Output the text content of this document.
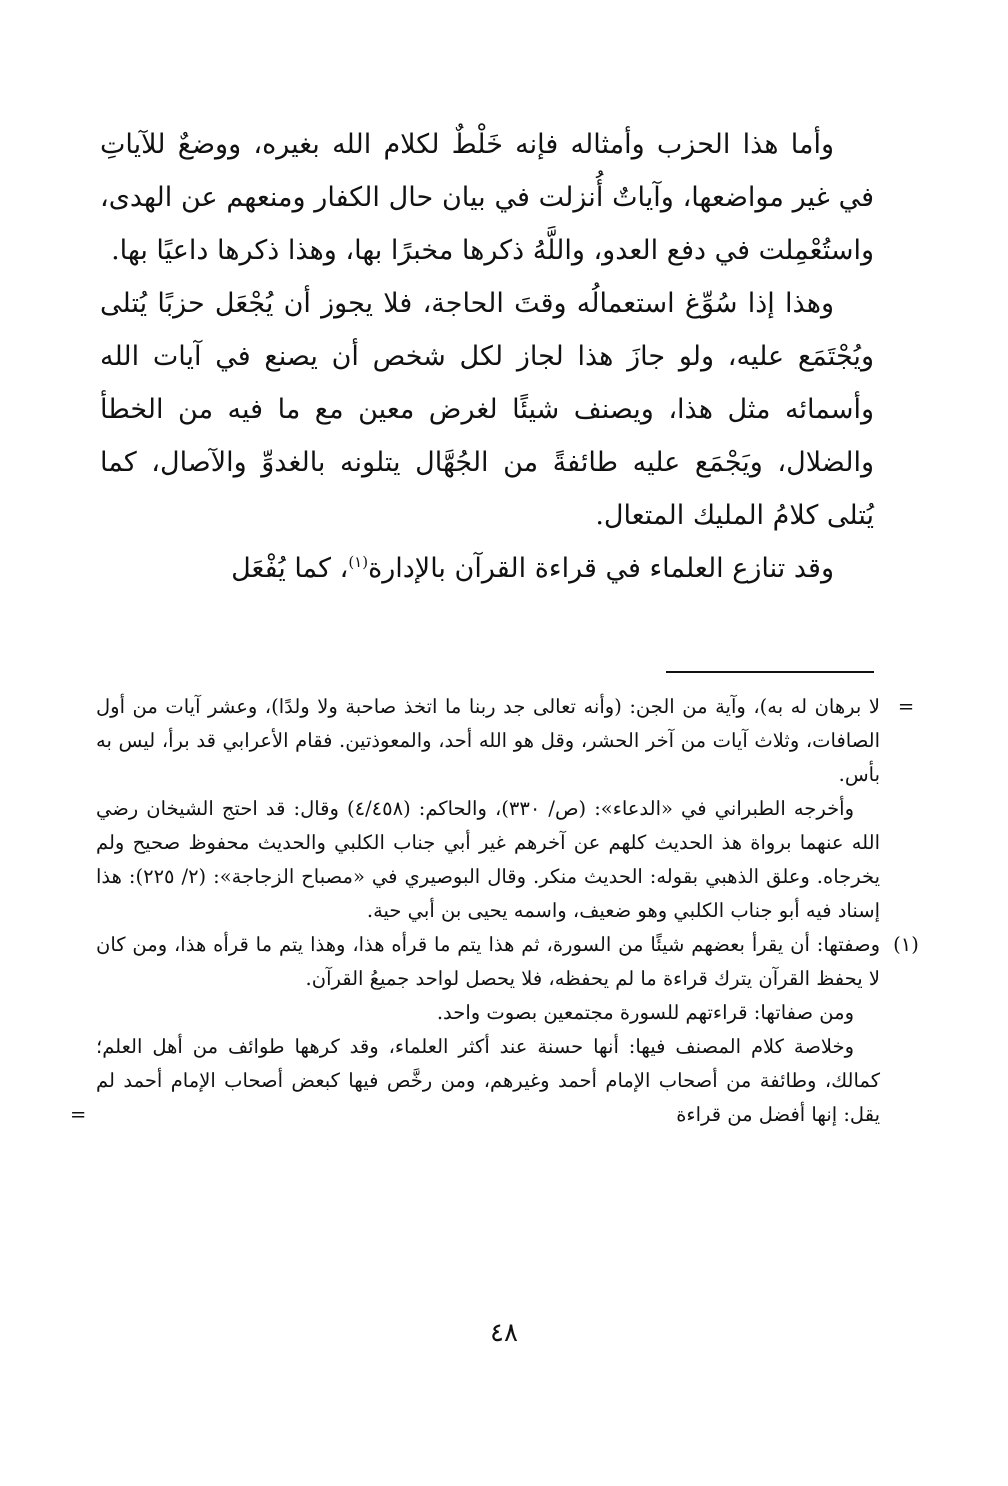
وأما هذا الحزب وأمثاله فإنه خَلْطٌ لكلام الله بغيره، ووضعٌ للآياتِ في غير مواضعها، وآياتٌ أُنزلت في بيان حال الكفار ومنعهم عن الهدى، واستُعْمِلت في دفع العدو، واللَّهُ ذكرها مخبرًا بها، وهذا ذكرها داعيًا بها.

وهذا إذا سُوِّغ استعمالُه وقتَ الحاجة، فلا يجوز أن يُجْعَل حزبًا يُتلى ويُجْتَمَع عليه، ولو جازَ هذا لجاز لكل شخص أن يصنع في آيات الله وأسمائه مثل هذا، ويصنف شيئًا لغرض معين مع ما فيه من الخطأ والضلال، ويَجْمَع عليه طائفةً من الجُهَّال يتلونه بالغدوِّ والآصال، كما يُتلى كلامُ المليك المتعال.

وقد تنازع العلماء في قراءة القرآن بالإدارة$^{(١)}$، كما يُفْعَل

=

لا برهان له به)، وآية من الجن: (وأنه تعالى جد ربنا ما اتخذ صاحبة ولا ولدًا)، وعشر آيات من أول الصافات، وثلاث آيات من آخر الحشر، وقل هو الله أحد، والمعوذتين. فقام الأعرابي قد برأ، ليس به بأس.

وأخرجه الطبراني في «الدعاء»: (ص/ ٣٣٠)، والحاكم: (٤/٤٥٨) وقال: قد احتج الشيخان رضي الله عنهما برواة هذ الحديث كلهم عن آخرهم غير أبي جناب الكلبي والحديث محفوظ صحيح ولم يخرجاه. وعلق الذهبي بقوله: الحديث منكر. وقال البوصيري في «مصباح الزجاجة»: (٢/ ٢٢٥): هذا إسناد فيه أبو جناب الكلبي وهو ضعيف، واسمه يحيى بن أبي حية.

(١)

وصفتها: أن يقرأ بعضهم شيئًا من السورة، ثم هذا يتم ما قرأه هذا، وهذا يتم ما قرأه هذا، ومن كان لا يحفظ القرآن يترك قراءة ما لم يحفظه، فلا يحصل لواحد جميعُ القرآن.

ومن صفاتها: قراءتهم للسورة مجتمعين بصوت واحد.

وخلاصة كلام المصنف فيها: أنها حسنة عند أكثر العلماء، وقد كرهها طوائف من أهل العلم؛ كمالك، وطائفة من أصحاب الإمام أحمد وغيرهم، ومن رخَّص فيها كبعض أصحاب الإمام أحمد لم يقل: إنها أفضل من قراءة

=
٤٨
